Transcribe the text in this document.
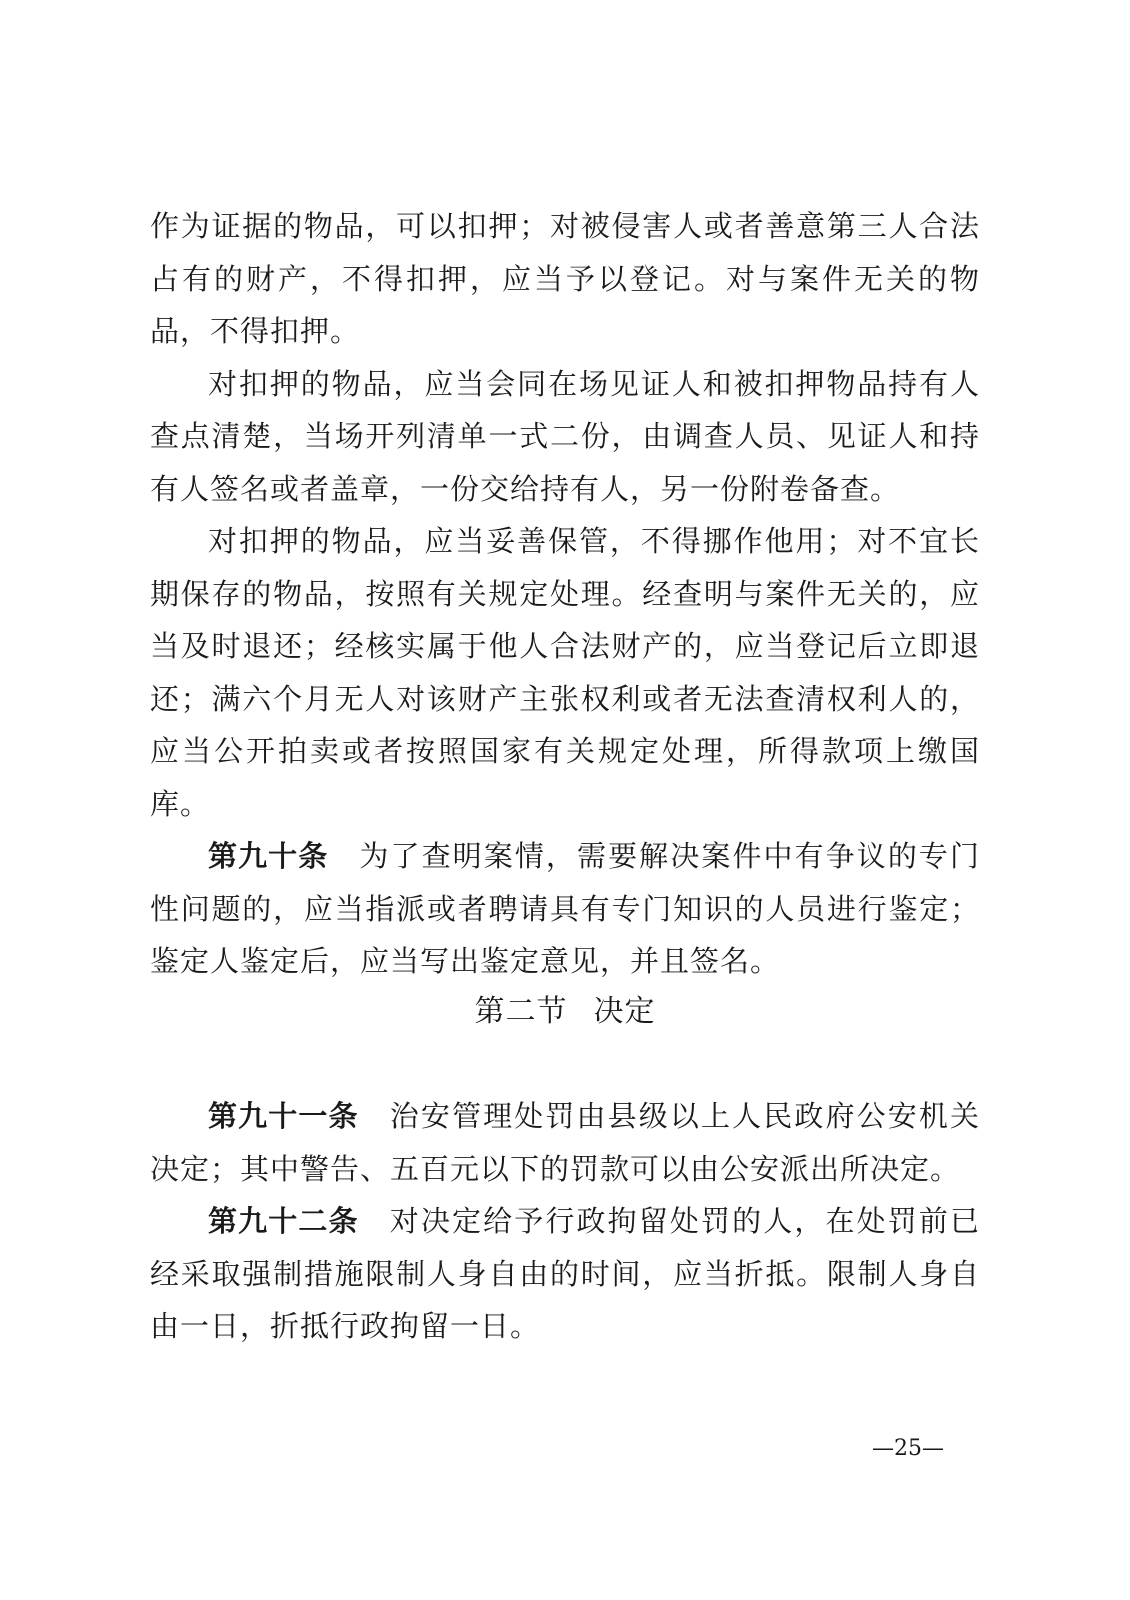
作为证据的物品，可以扣押；对被侵害人或者善意第三人合法占有的财产，不得扣押，应当予以登记。对与案件无关的物品，不得扣押。

对扣押的物品，应当会同在场见证人和被扣押物品持有人查点清楚，当场开列清单一式二份，由调查人员、见证人和持有人签名或者盖章，一份交给持有人，另一份附卷备查。

对扣押的物品，应当妥善保管，不得挪作他用；对不宜长期保存的物品，按照有关规定处理。经查明与案件无关的，应当及时退还；经核实属于他人合法财产的，应当登记后立即退还；满六个月无人对该财产主张权利或者无法查清权利人的，应当公开拍卖或者按照国家有关规定处理，所得款项上缴国库。

第九十条 为了查明案情，需要解决案件中有争议的专门性问题的，应当指派或者聘请具有专门知识的人员进行鉴定；鉴定人鉴定后，应当写出鉴定意见，并且签名。

第二节 决定

第九十一条 治安管理处罚由县级以上人民政府公安机关决定；其中警告、五百元以下的罚款可以由公安派出所决定。

第九十二条 对决定给予行政拘留处罚的人，在处罚前已经采取强制措施限制人身自由的时间，应当折抵。限制人身自由一日，折抵行政拘留一日。

—25—
